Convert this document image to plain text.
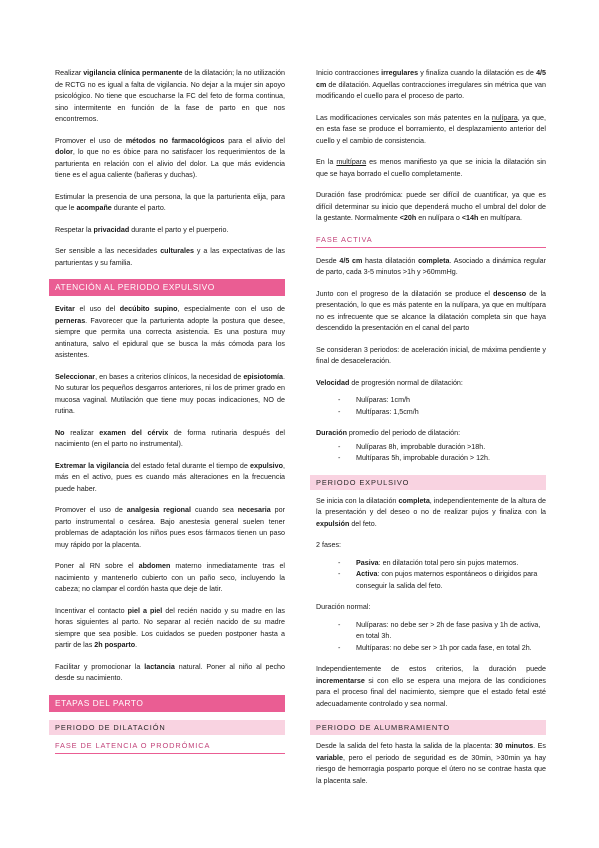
Realizar vigilancia clínica permanente de la dilatación; la no utilización de RCTG no es igual a falta de vigilancia. No dejar a la mujer sin apoyo psicológico. No tiene que escucharse la FC del feto de forma continua, sino intermitente en función de la fase de parto en que nos encontremos.

Promover el uso de métodos no farmacológicos para el alivio del dolor, lo que no es óbice para no satisfacer los requerimientos de la parturienta en relación con el alivio del dolor. La que más evidencia tiene es el agua caliente (bañeras y duchas).

Estimular la presencia de una persona, la que la parturienta elija, para que le acompañe durante el parto.

Respetar la privacidad durante el parto y el puerperio.

Ser sensible a las necesidades culturales y a las expectativas de las parturientas y su familia.

ATENCIÓN AL PERIODO EXPULSIVO

Evitar el uso del decúbito supino, especialmente con el uso de perneras. Favorecer que la parturienta adopte la postura que desee, siempre que permita una correcta asistencia. Es una postura muy antinatura, salvo el epidural que se busca la más cómoda para los asistentes.

Seleccionar, en bases a criterios clínicos, la necesidad de episiotomía. No suturar los pequeños desgarros anteriores, ni los de primer grado en mucosa vaginal. Mutilación que tiene muy pocas indicaciones, NO de rutina.

No realizar examen del cérvix de forma rutinaria después del nacimiento (en el parto no instrumental).

Extremar la vigilancia del estado fetal durante el tiempo de expulsivo, más en el activo, pues es cuando más alteraciones en la frecuencia puede haber.

Promover el uso de analgesia regional cuando sea necesaria por parto instrumental o cesárea. Bajo anestesia general suelen tener problemas de adaptación los niños pues esos fármacos tienen un paso muy rápido por la placenta.

Poner al RN sobre el abdomen materno inmediatamente tras el nacimiento y mantenerlo cubierto con un paño seco, incluyendo la cabeza; no clampar el cordón hasta que deje de latir.

Incentivar el contacto piel a piel del recién nacido y su madre en las horas siguientes al parto. No separar al recién nacido de su madre siempre que sea posible. Los cuidados se pueden postponer hasta a partir de las 2h posparto.

Facilitar y promocionar la lactancia natural. Poner al niño al pecho desde su nacimiento.

ETAPAS DEL PARTO
PERIODO DE DILATACIÓN
FASE DE LATENCIA O PRODRÓMICA

Inicio contracciones irregulares y finaliza cuando la dilatación es de 4/5 cm de dilatación. Aquellas contracciones irregulares sin métrica que van modificando el cuello para el proceso de parto.

Las modificaciones cervicales son más patentes en la nulípara, ya que, en esta fase se produce el borramiento, el desplazamiento anterior del cuello y el cambio de consistencia.

En la multípara es menos manifiesto ya que se inicia la dilatación sin que se haya borrado el cuello completamente.

Duración fase prodrómica: puede ser difícil de cuantificar, ya que es difícil determinar su inicio que dependerá mucho el umbral del dolor de la gestante. Normalmente <20h en nulípara o <14h en multípara.

FASE ACTIVA

Desde 4/5 cm hasta dilatación completa. Asociado a dinámica regular de parto, cada 3-5 minutos >1h y >60mmHg.

Junto con el progreso de la dilatación se produce el descenso de la presentación, lo que es más patente en la nulípara, ya que en multípara no es infrecuente que se alcance la dilatación completa sin que haya descendido la presentación en el canal del parto

Se consideran 3 periodos: de aceleración inicial, de máxima pendiente y final de desaceleración.

Velocidad de progresión normal de dilatación:

- Nulíparas: 1cm/h
- Multíparas: 1,5cm/h

Duración promedio del periodo de dilatación:

- Nulíparas 8h, improbable duración >18h.
- Multíparas 5h, improbable duración > 12h.
PERIODO EXPULSIVO

Se inicia con la dilatación completa, independientemente de la altura de la presentación y del deseo o no de realizar pujos y finaliza con la expulsión del feto.

2 fases:

- Pasiva: en dilatación total pero sin pujos maternos.
- Activa: con pujos maternos espontáneos o dirigidos para conseguir la salida del feto.

Duración normal:

- Nulíparas: no debe ser > 2h de fase pasiva y 1h de activa, en total 3h.
- Multíparas: no debe ser > 1h por cada fase, en total 2h.

Independientemente de estos criterios, la duración puede incrementarse si con ello se espera una mejora de las condiciones para el proceso final del nacimiento, siempre que el estado fetal esté adecuadamente controlado y sea normal.

PERIODO DE ALUMBRAMIENTO

Desde la salida del feto hasta la salida de la placenta: 30 minutos. Es variable, pero el periodo de seguridad es de 30min, >30min ya hay riesgo de hemorragia posparto porque el útero no se contrae hasta que la placenta sale.
